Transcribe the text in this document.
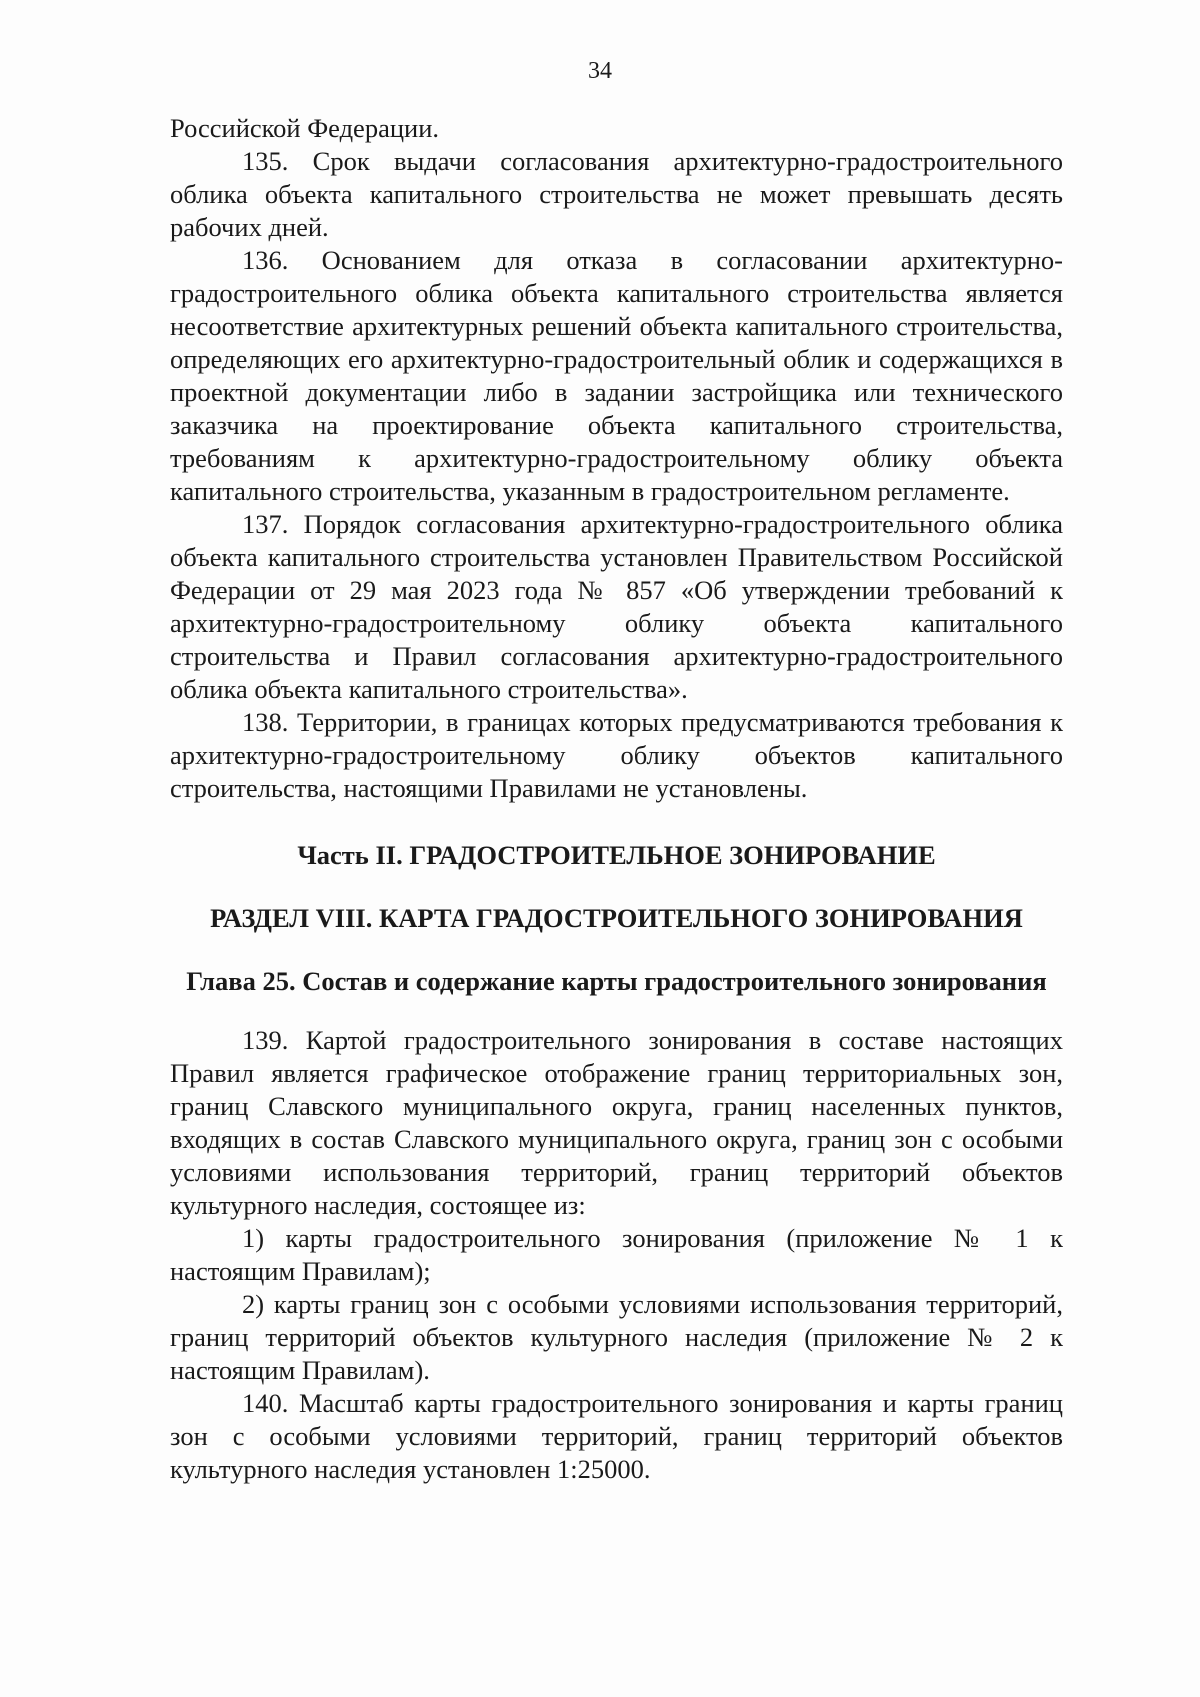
34

Российской Федерации.

135. Срок выдачи согласования архитектурно-градостроительного облика объекта капитального строительства не может превышать десять рабочих дней.

136. Основанием для отказа в согласовании архитектурно-градостроительного облика объекта капитального строительства является несоответствие архитектурных решений объекта капитального строительства, определяющих его архитектурно-градостроительный облик и содержащихся в проектной документации либо в задании застройщика или технического заказчика на проектирование объекта капитального строительства, требованиям к архитектурно-градостроительному облику объекта капитального строительства, указанным в градостроительном регламенте.

137. Порядок согласования архитектурно-градостроительного облика объекта капитального строительства установлен Правительством Российской Федерации от 29 мая 2023 года № 857 «Об утверждении требований к архитектурно-градостроительному облику объекта капитального строительства и Правил согласования архитектурно-градостроительного облика объекта капитального строительства».

138. Территории, в границах которых предусматриваются требования к архитектурно-градостроительному облику объектов капитального строительства, настоящими Правилами не установлены.

Часть II. ГРАДОСТРОИТЕЛЬНОЕ ЗОНИРОВАНИЕ
РАЗДЕЛ VIII. КАРТА ГРАДОСТРОИТЕЛЬНОГО ЗОНИРОВАНИЯ
Глава 25. Состав и содержание карты градостроительного зонирования

139. Картой градостроительного зонирования в составе настоящих Правил является графическое отображение границ территориальных зон, границ Славского муниципального округа, границ населенных пунктов, входящих в состав Славского муниципального округа, границ зон с особыми условиями использования территорий, границ территорий объектов культурного наследия, состоящее из:

1) карты градостроительного зонирования (приложение № 1 к настоящим Правилам);

2) карты границ зон с особыми условиями использования территорий, границ территорий объектов культурного наследия (приложение № 2 к настоящим Правилам).

140. Масштаб карты градостроительного зонирования и карты границ зон с особыми условиями территорий, границ территорий объектов культурного наследия установлен 1:25000.
